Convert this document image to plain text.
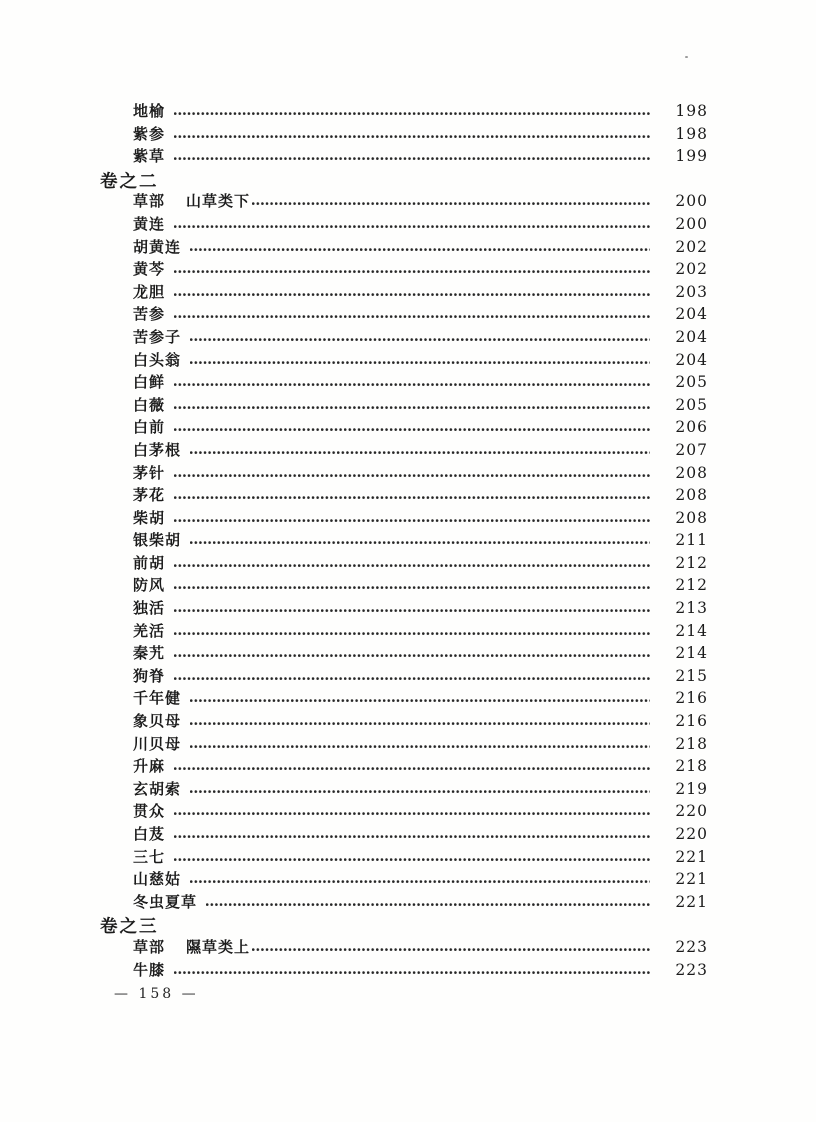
地榆	198
紫参	198
紫草	199
卷之二
草部 山草类下	200
黄连	200
胡黄连	202
黄芩	202
龙胆	203
苦参	204
苦参子	204
白头翁	204
白鲜	205
白薇	205
白前	206
白茅根	207
茅针	208
茅花	208
柴胡	208
银柴胡	211
前胡	212
防风	212
独活	213
羌活	214
秦艽	214
狗脊	215
千年健	216
象贝母	216
川贝母	218
升麻	218
玄胡索	219
贯众	220
白芨	220
三七	221
山慈姑	221
冬虫夏草	221
卷之三
草部 隰草类上	223
牛膝	223
— 158 —
